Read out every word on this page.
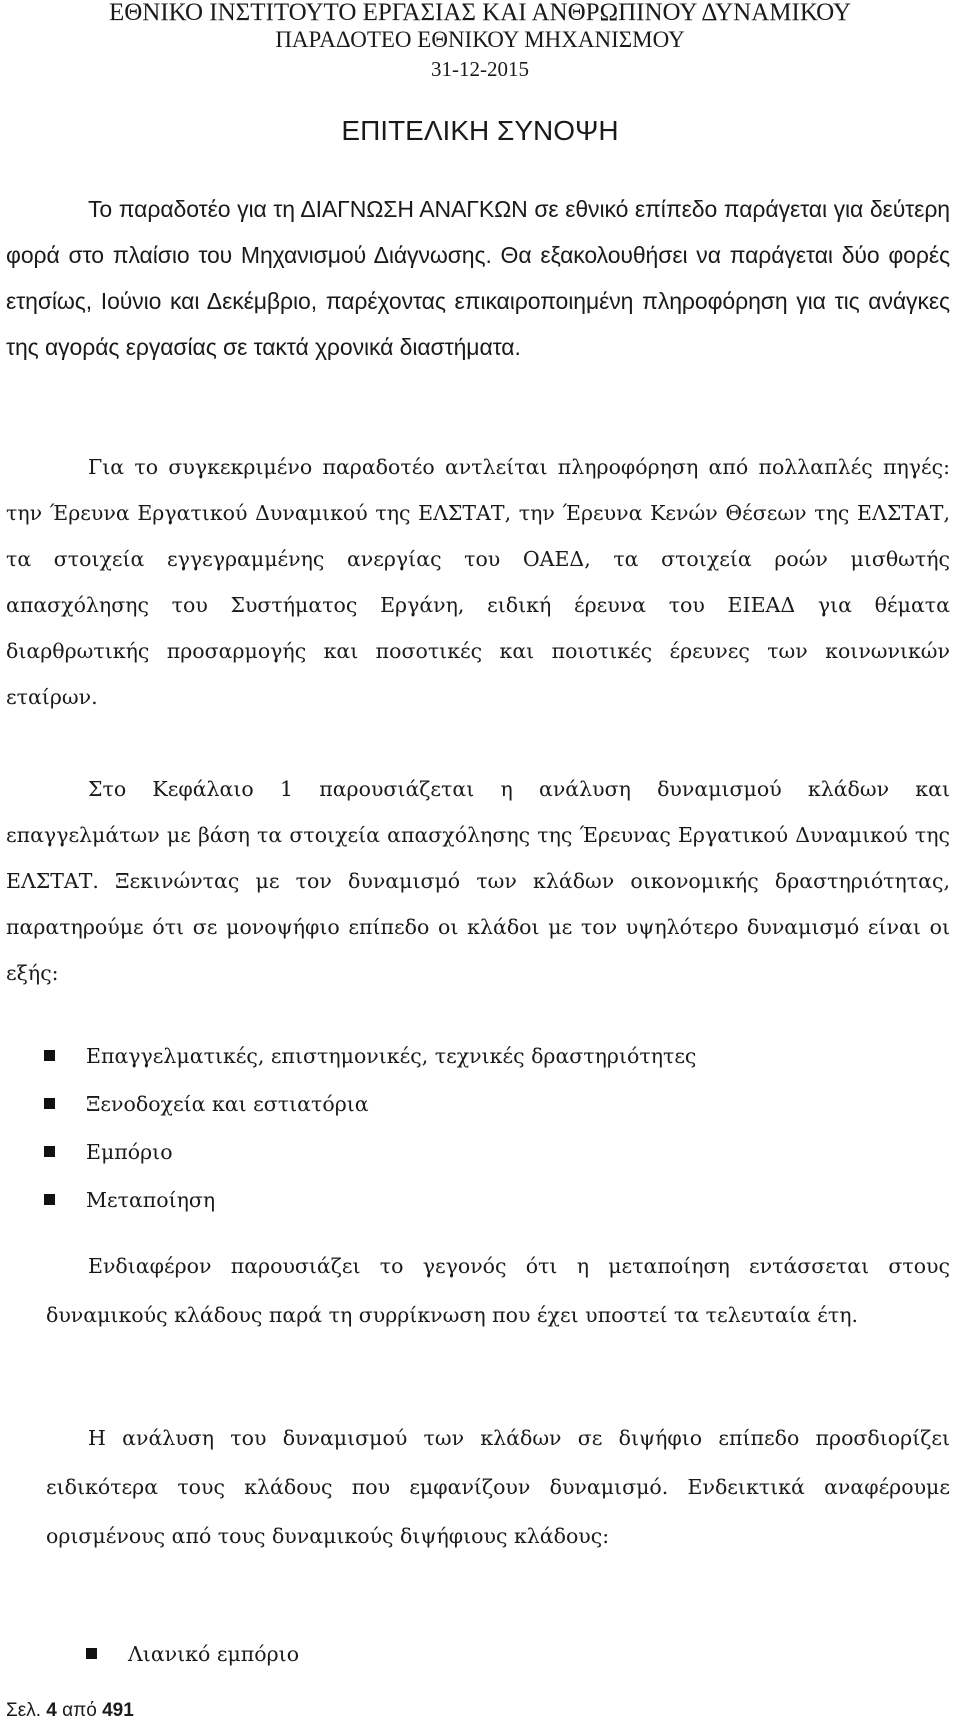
ΕΘΝΙΚΟ ΙΝΣΤΙΤΟΥΤΟ ΕΡΓΑΣΙΑΣ ΚΑΙ ΑΝΘΡΩΠΙΝΟΥ ΔΥΝΑΜΙΚΟΥ
ΠΑΡΑΔΟΤΕΟ ΕΘΝΙΚΟΥ ΜΗΧΑΝΙΣΜΟΥ
31-12-2015
ΕΠΙΤΕΛΙΚΗ ΣΥΝΟΨΗ

Το παραδοτέο για τη ΔΙΑΓΝΩΣΗ ΑΝΑΓΚΩΝ σε εθνικό επίπεδο παράγεται για δεύτερη φορά στο πλαίσιο του Μηχανισμού Διάγνωσης. Θα εξακολουθήσει να παράγεται δύο φορές ετησίως, Ιούνιο και Δεκέμβριο, παρέχοντας επικαιροποιημένη πληροφόρηση για τις ανάγκες της αγοράς εργασίας σε τακτά χρονικά διαστήματα.

Για το συγκεκριμένο παραδοτέο αντλείται πληροφόρηση από πολλαπλές πηγές: την Έρευνα Εργατικού Δυναμικού της ΕΛΣΤΑΤ, την Έρευνα Κενών Θέσεων της ΕΛΣΤΑΤ, τα στοιχεία εγγεγραμμένης ανεργίας του ΟΑΕΔ, τα στοιχεία ροών μισθωτής απασχόλησης του Συστήματος Εργάνη, ειδική έρευνα του ΕΙΕΑΔ για θέματα διαρθρωτικής προσαρμογής και ποσοτικές και ποιοτικές έρευνες των κοινωνικών εταίρων.

Στο Κεφάλαιο 1 παρουσιάζεται η ανάλυση δυναμισμού κλάδων και επαγγελμάτων με βάση τα στοιχεία απασχόλησης της Έρευνας Εργατικού Δυναμικού της ΕΛΣΤΑΤ. Ξεκινώντας με τον δυναμισμό των κλάδων οικονομικής δραστηριότητας, παρατηρούμε ότι σε μονοψήφιο επίπεδο οι κλάδοι με τον υψηλότερο δυναμισμό είναι οι εξής:

Επαγγελματικές, επιστημονικές, τεχνικές δραστηριότητες
Ξενοδοχεία και εστιατόρια
Εμπόριο
Μεταποίηση

Ενδιαφέρον παρουσιάζει το γεγονός ότι η μεταποίηση εντάσσεται στους δυναμικούς κλάδους παρά τη συρρίκνωση που έχει υποστεί τα τελευταία έτη.

Η ανάλυση του δυναμισμού των κλάδων σε διψήφιο επίπεδο προσδιορίζει ειδικότερα τους κλάδους που εμφανίζουν δυναμισμό. Ενδεικτικά αναφέρουμε ορισμένους από τους δυναμικούς διψήφιους κλάδους:

Λιανικό εμπόριο
Σελ. 4 από 491
